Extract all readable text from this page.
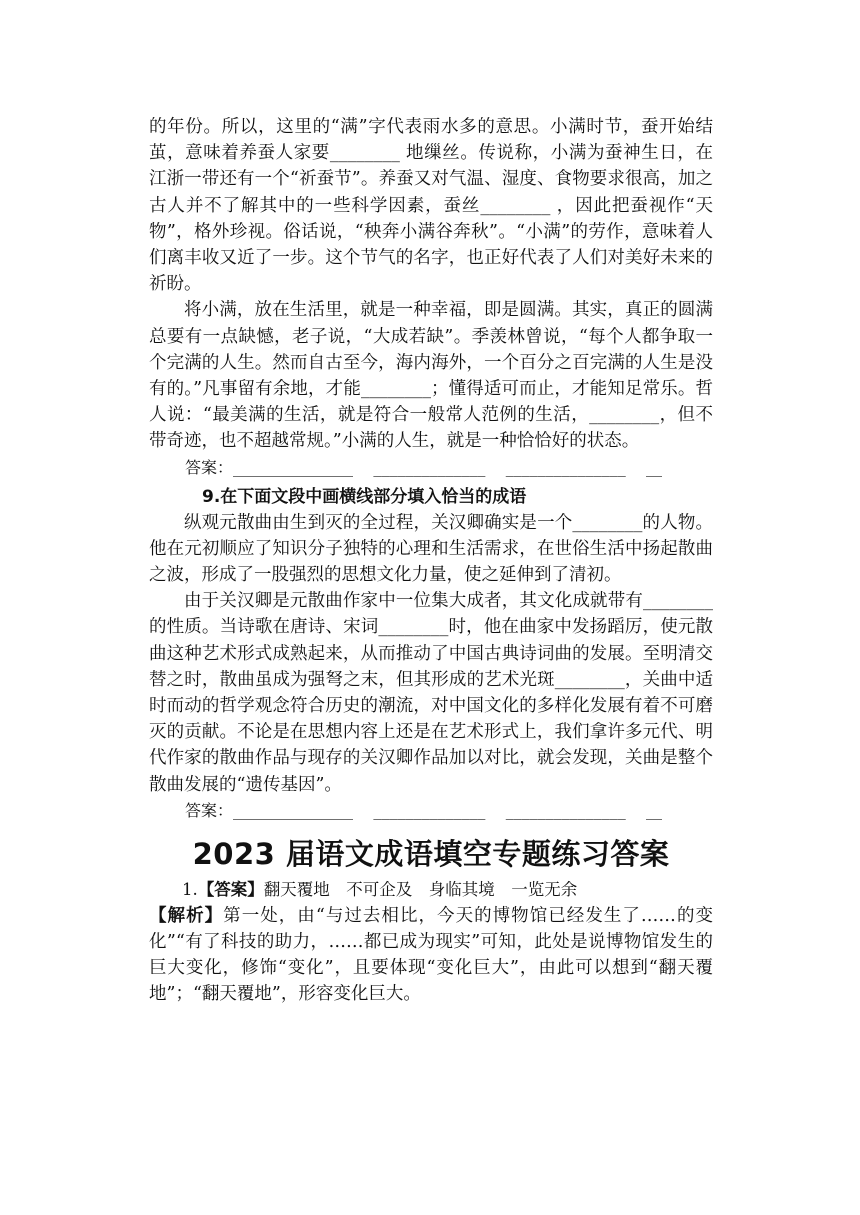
的年份。所以，这里的“满”字代表雨水多的意思。小满时节，蚕开始结茧，意味着养蚕人家要________ 地缫丝。传说称，小满为蚕神生日，在江浙一带还有一个“祈蚕节”。养蚕又对气温、湿度、食物要求很高，加之古人并不了解其中的一些科学因素，蚕丝________ ，因此把蚕视作“天物”，格外珍视。俗话说，“秧奔小满谷奔秋”。“小满”的劳作，意味着人们离丰收又近了一步。这个节气的名字，也正好代表了人们对美好未来的祈盼。

将小满，放在生活里，就是一种幸福，即是圆满。其实，真正的圆满总要有一点缺憾，老子说，“大成若缺”。季羡林曾说，“每个人都争取一个完满的人生。然而自古至今，海内海外，一个百分之百完满的人生是没有的。”凡事留有余地，才能________；懂得适可而止，才能知足常乐。哲人说：“最美满的生活，就是符合一般常人范例的生活，________，但不带奇迹，也不超越常规。”小满的人生，就是一种恰恰好的状态。

答案：_______________    ______________    _______________    __

9.在下面文段中画横线部分填入恰当的成语

纵观元散曲由生到灭的全过程，关汉卿确实是一个________的人物。他在元初顺应了知识分子独特的心理和生活需求，在世俗生活中扬起散曲之波，形成了一股强烈的思想文化力量，使之延伸到了清初。

由于关汉卿是元散曲作家中一位集大成者，其文化成就带有________的性质。当诗歌在唐诗、宋词________时，他在曲家中发扬蹈厉，使元散曲这种艺术形式成熟起来，从而推动了中国古典诗词曲的发展。至明清交替之时，散曲虽成为强弩之末，但其形成的艺术光斑________，关曲中适时而动的哲学观念符合历史的潮流，对中国文化的多样化发展有着不可磨灭的贡献。不论是在思想内容上还是在艺术形式上，我们拿许多元代、明代作家的散曲作品与现存的关汉卿作品加以对比，就会发现，关曲是整个散曲发展的“遗传基因”。

答案：_______________    ______________    _______________    __

2023 届语文成语填空专题练习答案

1.【答案】翻天覆地　不可企及　身临其境　一览无余

【解析】第一处，由“与过去相比，今天的博物馆已经发生了……的变化”“有了科技的助力，……都已成为现实”可知，此处是说博物馆发生的巨大变化，修饰“变化”，且要体现“变化巨大”，由此可以想到“翻天覆地”；“翻天覆地”，形容变化巨大。
